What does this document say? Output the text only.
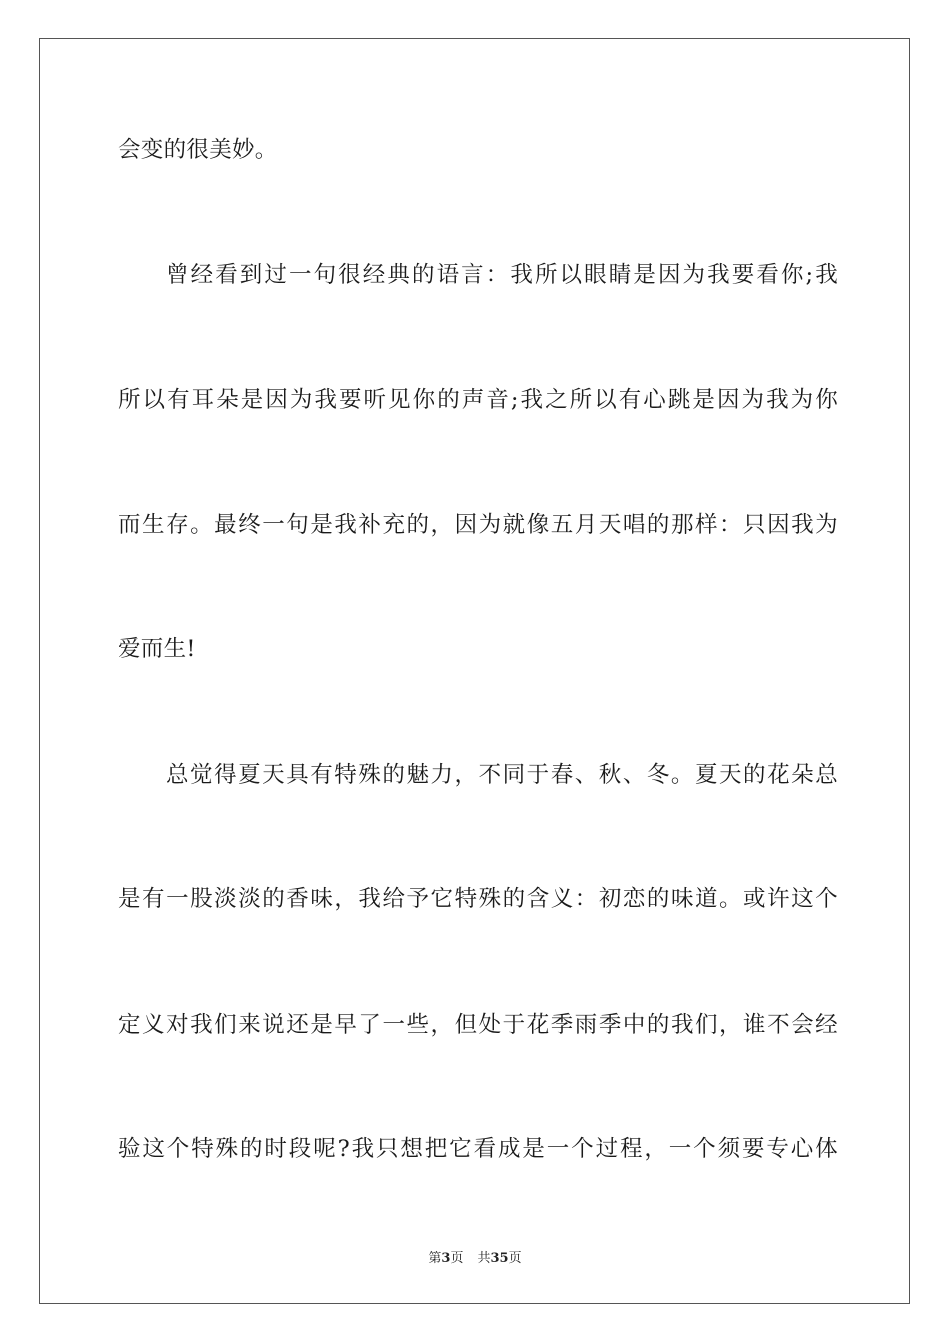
会变的很美妙。
曾经看到过一句很经典的语言：我所以眼睛是因为我要看你;我
所以有耳朵是因为我要听见你的声音;我之所以有心跳是因为我为你
而生存。最终一句是我补充的，因为就像五月天唱的那样：只因我为
爱而生!
总觉得夏天具有特殊的魅力，不同于春、秋、冬。夏天的花朵总
是有一股淡淡的香味，我给予它特殊的含义：初恋的味道。或许这个
定义对我们来说还是早了一些，但处于花季雨季中的我们，谁不会经
验这个特殊的时段呢?我只想把它看成是一个过程，一个须要专心体
第3页 共35页
